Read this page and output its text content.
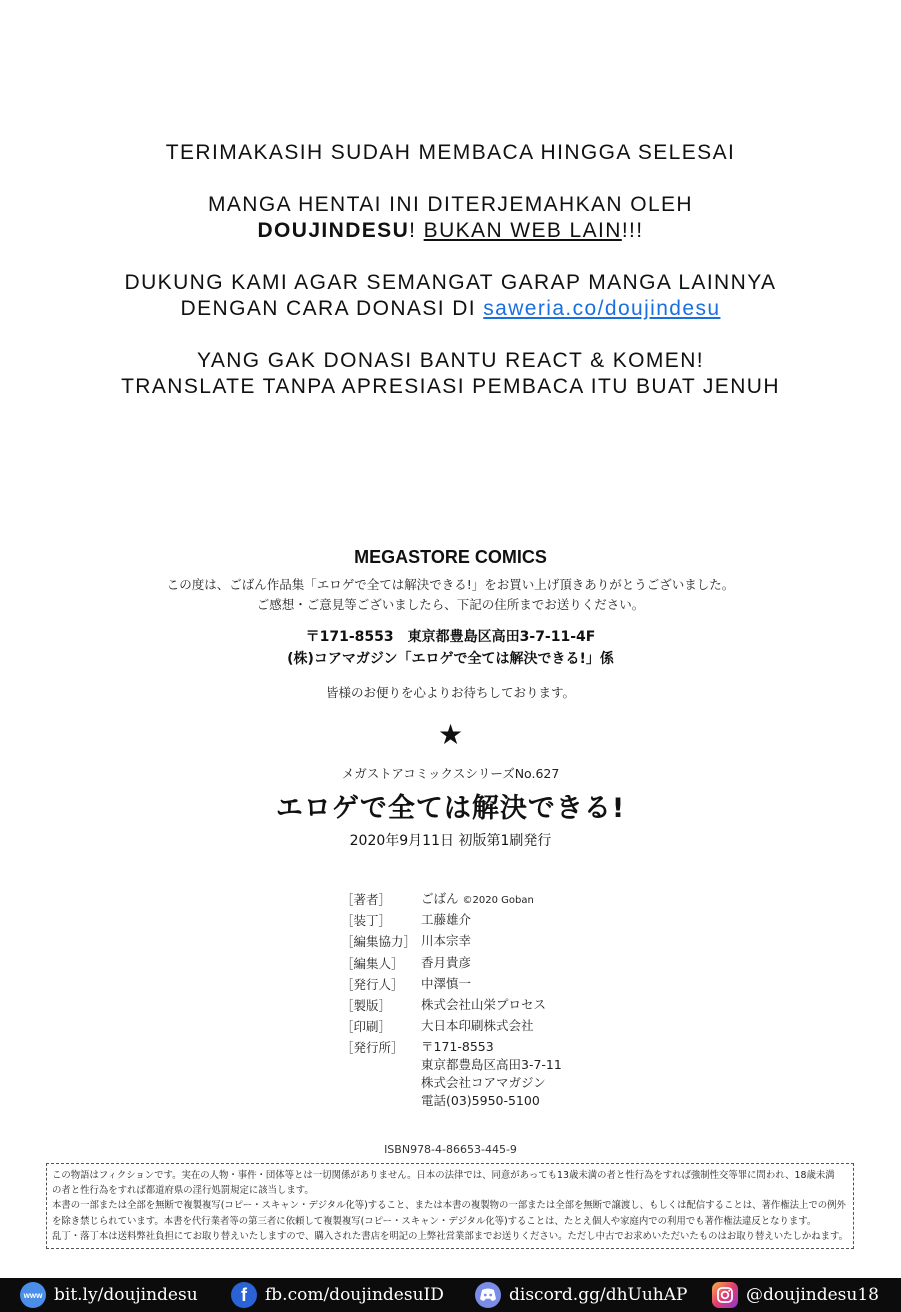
TERIMAKASIH SUDAH MEMBACA HINGGA SELESAI
MANGA HENTAI INI DITERJEMAHKAN OLEH
DOUJINDESU! BUKAN WEB LAIN!!!
DUKUNG KAMI AGAR SEMANGAT GARAP MANGA LAINNYA
DENGAN CARA DONASI DI saweria.co/doujindesu
YANG GAK DONASI BANTU REACT & KOMEN!
TRANSLATE TANPA APRESIASI PEMBACA ITU BUAT JENUH
MEGASTORE COMICS
この度は、ごばん作品集「エロゲで全ては解決できる!」をお買い上げ頂きありがとうございました。
ご感想・ご意見等ございましたら、下記の住所までお送りください。
〒171-8553　東京都豊島区高田3-7-11-4F
(株)コアマガジン「エロゲで全ては解決できる!」係
皆様のお便りを心よりお待ちしております。
★
メガストアコミックスシリーズNo.627
エロゲで全ては解決できる!
2020年9月11日 初版第1刷発行
［著者］	ごばん ©2020 Goban
［装丁］	工藤雄介
［編集協力］ 川本宗幸
［編集人］	香月貴彦
［発行人］	中澤慎一
［製版］	株式会社山栄プロセス
［印刷］	大日本印刷株式会社
［発行所］	〒171-8553
東京都豊島区高田3-7-11
株式会社コアマガジン
電話(03)5950-5100
ISBN978-4-86653-445-9
この物語はフィクションです。実在の人物・事件・団体等とは一切関係がありません。日本の法律では、同意があっても13歳未満の者と性行為をすれば強制性交等罪に問われ、18歳未満
の者と性行為をすれば都道府県の淫行処罰規定に該当します。
本書の一部または全部を無断で複製複写(コピー・スキャン・デジタル化等)すること、または本書の複製物の一部または全部を無断で譲渡し、もしくは配信することは、著作権法上での例外
を除き禁じられています。本書を代行業者等の第三者に依頼して複製複写(コピー・スキャン・デジタル化等)することは、たとえ個人や家庭内での利用でも著作権法違反となります。
乱丁・落丁本は送料弊社負担にてお取り替えいたしますので、購入された書店を明記の上弊社営業部までお送りください。ただし中古でお求めいただいたものはお取り替えいたしかねます。
www bit.ly/doujindesu	f	fb.com/doujindesuID	discord.gg/dhUuhAP	@doujindesu18
